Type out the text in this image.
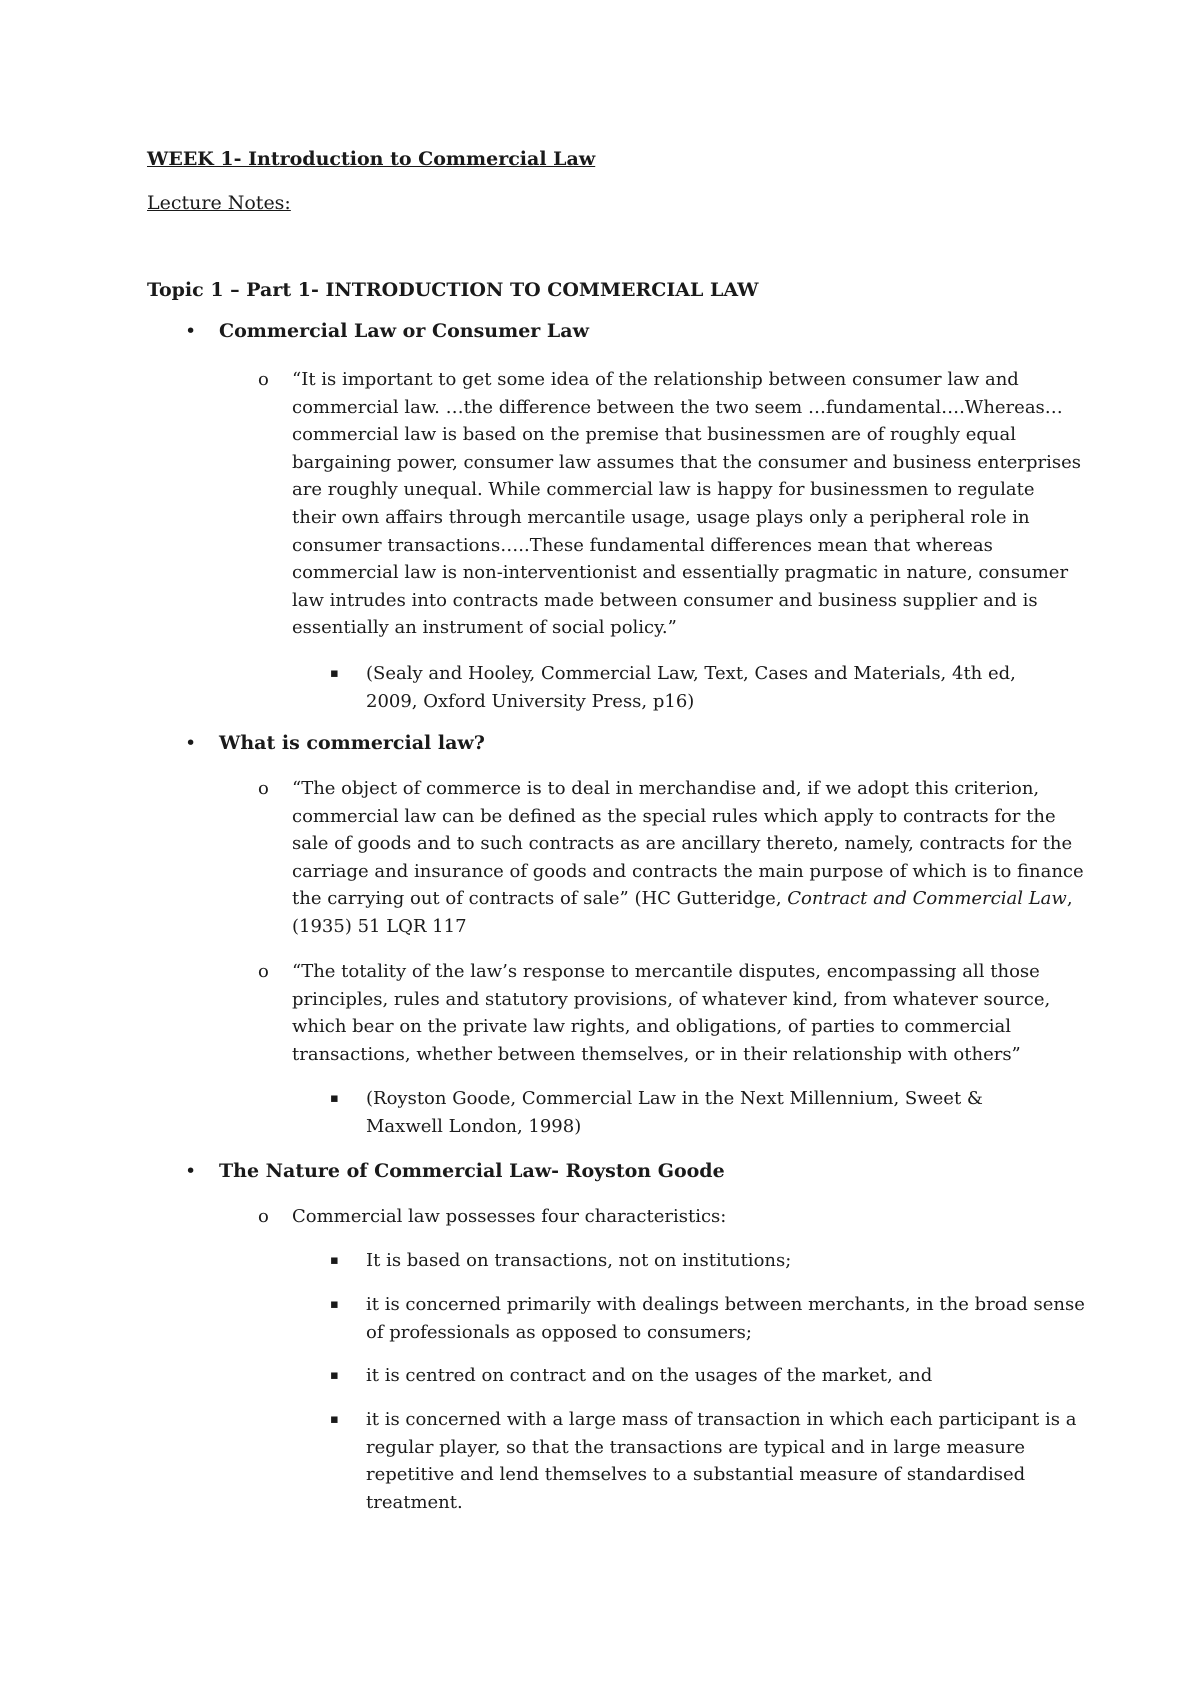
WEEK 1- Introduction to Commercial Law
Lecture Notes:
Topic 1 – Part 1- INTRODUCTION TO COMMERCIAL LAW
• Commercial Law or Consumer Law
o “It is important to get some idea of the relationship between consumer law and
commercial law. …the difference between the two seem …fundamental….Whereas…
commercial law is based on the premise that businessmen are of roughly equal
bargaining power, consumer law assumes that the consumer and business enterprises
are roughly unequal. While commercial law is happy for businessmen to regulate
their own affairs through mercantile usage, usage plays only a peripheral role in
consumer transactions…..These fundamental differences mean that whereas
commercial law is non-interventionist and essentially pragmatic in nature, consumer
law intrudes into contracts made between consumer and business supplier and is
essentially an instrument of social policy.”
▪ (Sealy and Hooley, Commercial Law, Text, Cases and Materials, 4th ed,
2009, Oxford University Press, p16)
• What is commercial law?
o “The object of commerce is to deal in merchandise and, if we adopt this criterion,
commercial law can be defined as the special rules which apply to contracts for the
sale of goods and to such contracts as are ancillary thereto, namely, contracts for the
carriage and insurance of goods and contracts the main purpose of which is to finance
the carrying out of contracts of sale” (HC Gutteridge, Contract and Commercial Law,
(1935) 51 LQR 117
o “The totality of the law’s response to mercantile disputes, encompassing all those
principles, rules and statutory provisions, of whatever kind, from whatever source,
which bear on the private law rights, and obligations, of parties to commercial
transactions, whether between themselves, or in their relationship with others”
▪ (Royston Goode, Commercial Law in the Next Millennium, Sweet &
Maxwell London, 1998)
• The Nature of Commercial Law- Royston Goode
o Commercial law possesses four characteristics:
▪ It is based on transactions, not on institutions;
▪ it is concerned primarily with dealings between merchants, in the broad sense
of professionals as opposed to consumers;
▪ it is centred on contract and on the usages of the market, and
▪ it is concerned with a large mass of transaction in which each participant is a
regular player, so that the transactions are typical and in large measure
repetitive and lend themselves to a substantial measure of standardised
treatment.
